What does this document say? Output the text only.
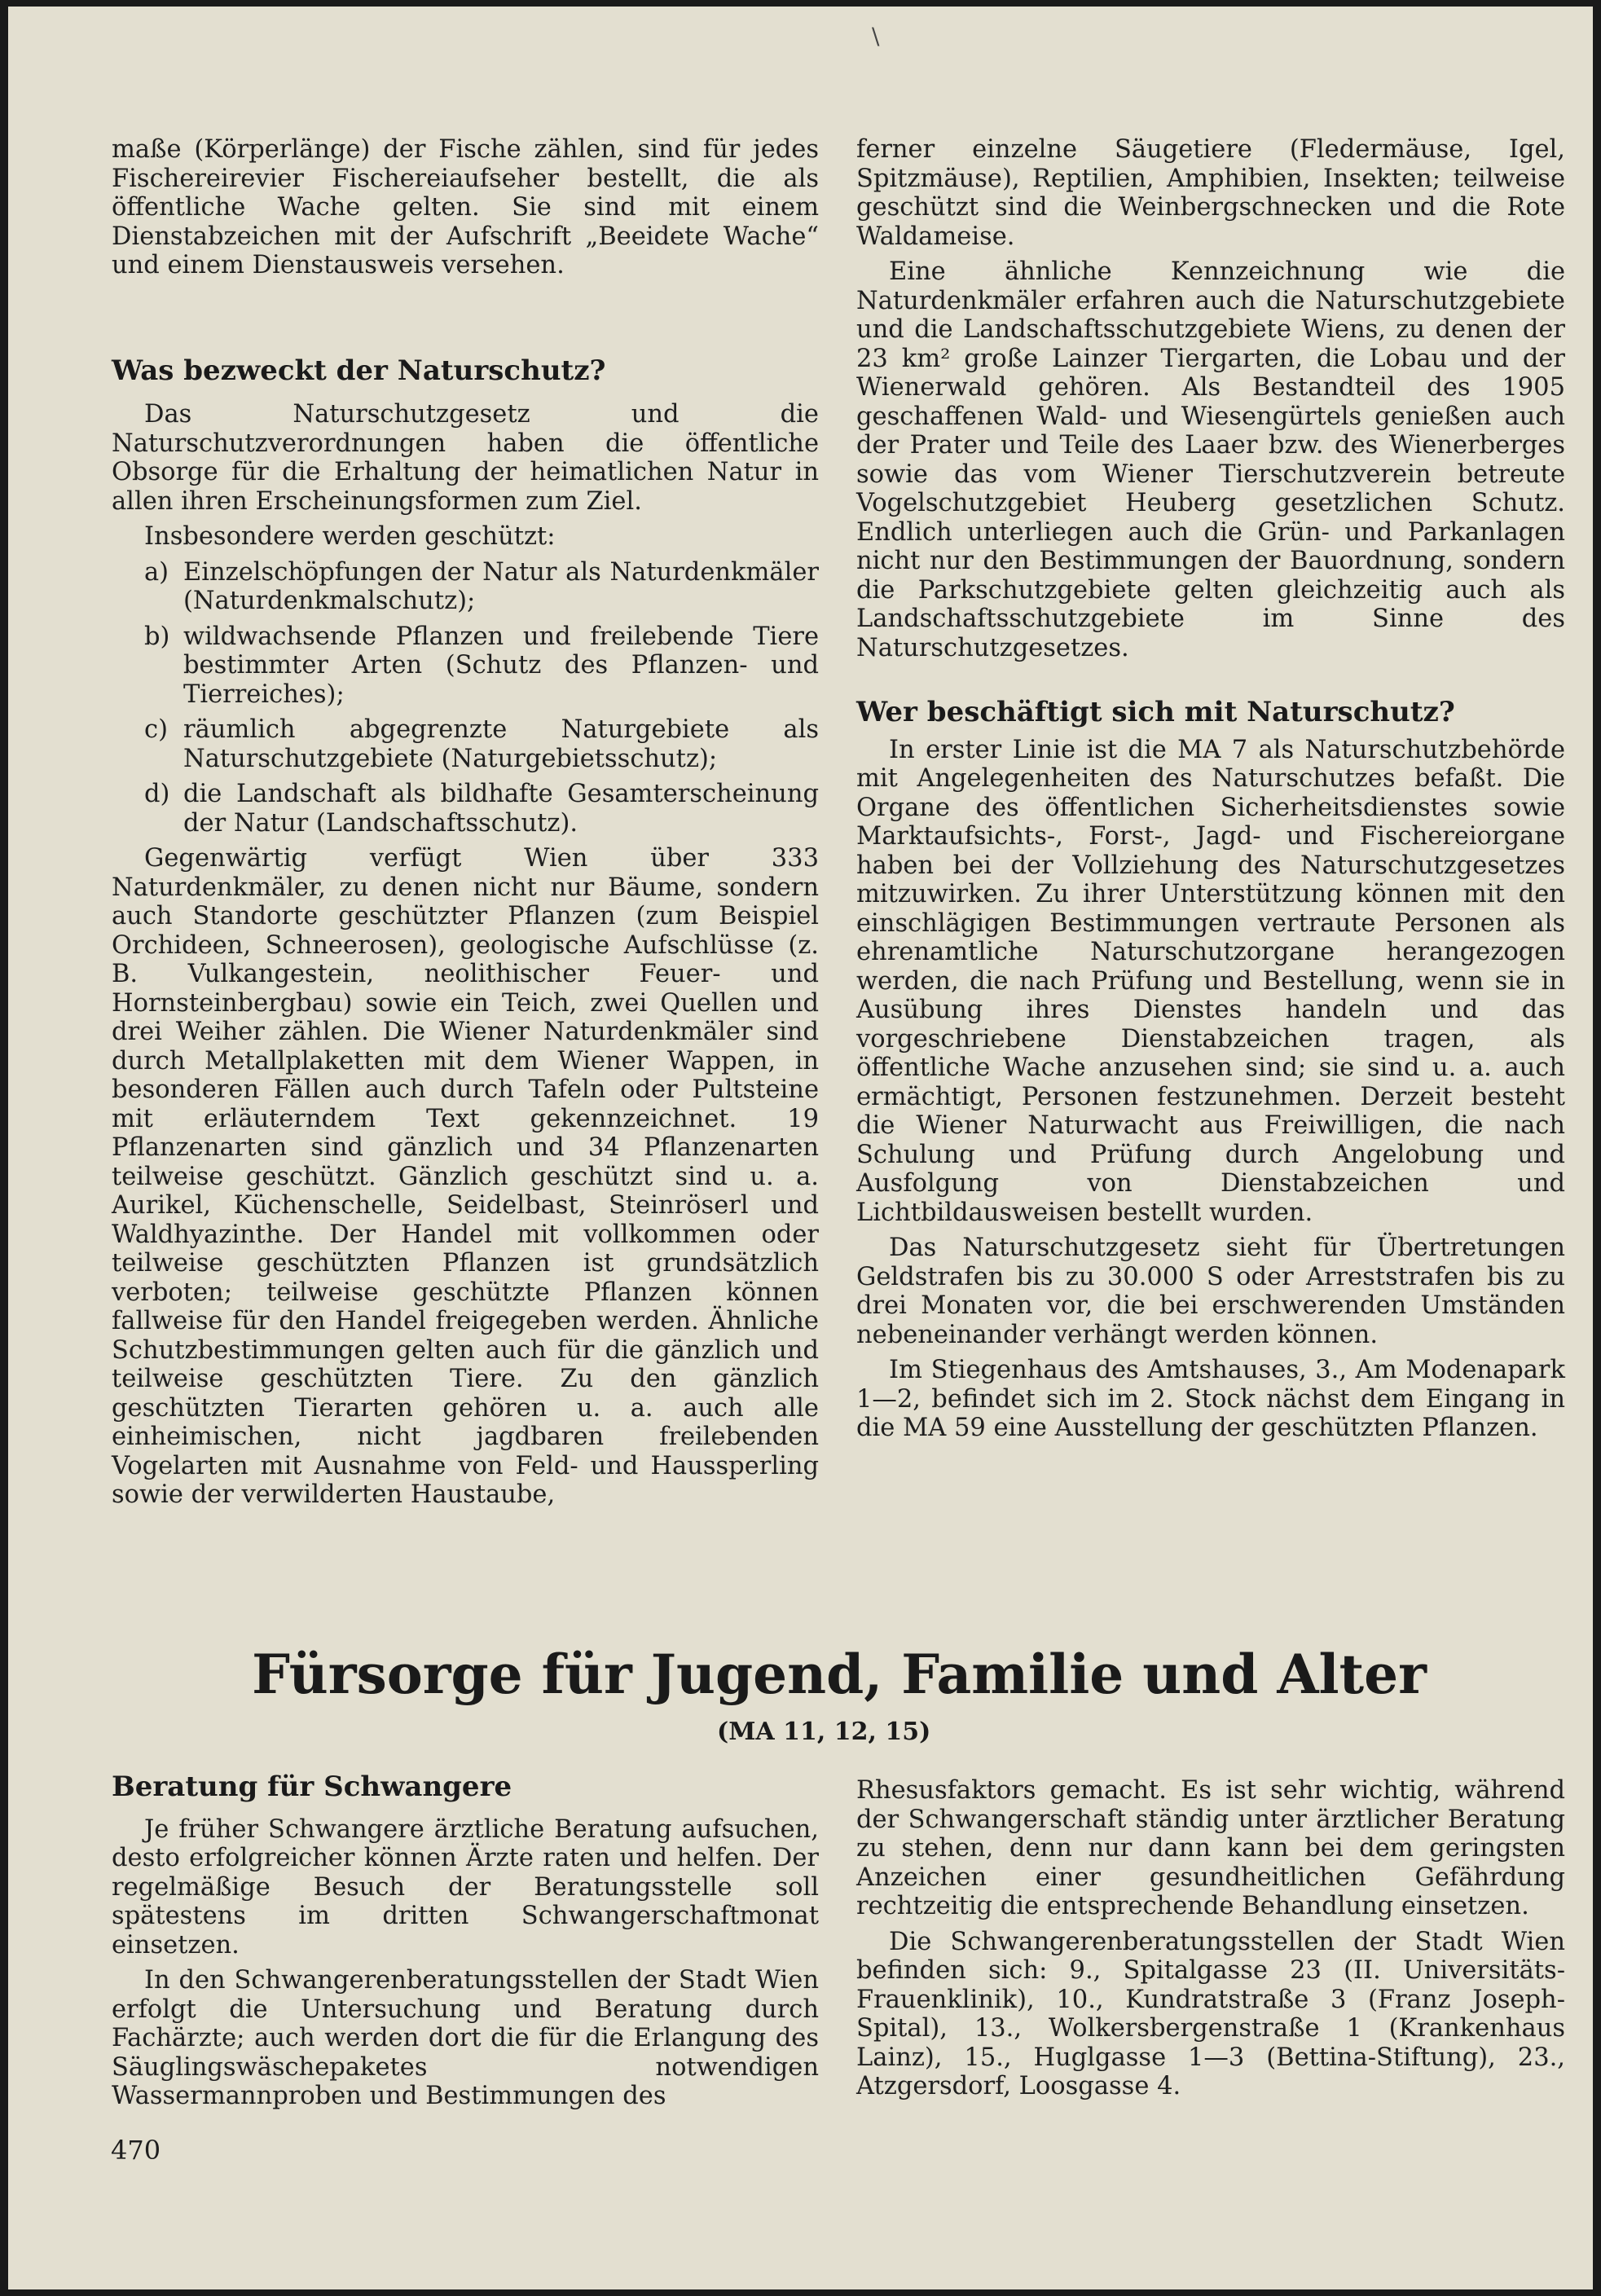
maße (Körperlänge) der Fische zählen, sind für jedes Fischereirevier Fischereiaufseher bestellt, die als öffentliche Wache gelten. Sie sind mit einem Dienstabzeichen mit der Aufschrift „Beeidete Wache“ und einem Dienstausweis versehen.

Was bezweckt der Naturschutz?

Das Naturschutzgesetz und die Naturschutzverordnungen haben die öffentliche Obsorge für die Erhaltung der heimatlichen Natur in allen ihren Erscheinungsformen zum Ziel.

Insbesondere werden geschützt:

a) Einzelschöpfungen der Natur als Naturdenkmäler (Naturdenkmalschutz);
b) wildwachsende Pflanzen und freilebende Tiere bestimmter Arten (Schutz des Pflanzen- und Tierreiches);
c) räumlich abgegrenzte Naturgebiete als Naturschutzgebiete (Naturgebietsschutz);
d) die Landschaft als bildhafte Gesamterscheinung der Natur (Landschaftsschutz).

Gegenwärtig verfügt Wien über 333 Naturdenkmäler, zu denen nicht nur Bäume, sondern auch Standorte geschützter Pflanzen (zum Beispiel Orchideen, Schneerosen), geologische Aufschlüsse (z. B. Vulkangestein, neolithischer Feuer- und Hornsteinbergbau) sowie ein Teich, zwei Quellen und drei Weiher zählen. Die Wiener Naturdenkmäler sind durch Metallplaketten mit dem Wiener Wappen, in besonderen Fällen auch durch Tafeln oder Pultsteine mit erläuterndem Text gekennzeichnet. 19 Pflanzenarten sind gänzlich und 34 Pflanzenarten teilweise geschützt. Gänzlich geschützt sind u. a. Aurikel, Küchenschelle, Seidelbast, Steinröserl und Waldhyazinthe. Der Handel mit vollkommen oder teilweise geschützten Pflanzen ist grundsätzlich verboten; teilweise geschützte Pflanzen können fallweise für den Handel freigegeben werden. Ähnliche Schutzbestimmungen gelten auch für die gänzlich und teilweise geschützten Tiere. Zu den gänzlich geschützten Tierarten gehören u. a. auch alle einheimischen, nicht jagdbaren freilebenden Vogelarten mit Ausnahme von Feld- und Haussperling sowie der verwilderten Haustaube,

ferner einzelne Säugetiere (Fledermäuse, Igel, Spitzmäuse), Reptilien, Amphibien, Insekten; teilweise geschützt sind die Weinbergschnecken und die Rote Waldameise.

Eine ähnliche Kennzeichnung wie die Naturdenkmäler erfahren auch die Naturschutzgebiete und die Landschaftsschutzgebiete Wiens, zu denen der 23 km² große Lainzer Tiergarten, die Lobau und der Wienerwald gehören. Als Bestandteil des 1905 geschaffenen Wald- und Wiesengürtels genießen auch der Prater und Teile des Laaer bzw. des Wienerberges sowie das vom Wiener Tierschutzverein betreute Vogelschutzgebiet Heuberg gesetzlichen Schutz. Endlich unterliegen auch die Grün- und Parkanlagen nicht nur den Bestimmungen der Bauordnung, sondern die Parkschutzgebiete gelten gleichzeitig auch als Landschaftsschutzgebiete im Sinne des Naturschutzgesetzes.

Wer beschäftigt sich mit Naturschutz?

In erster Linie ist die MA 7 als Naturschutzbehörde mit Angelegenheiten des Naturschutzes befaßt. Die Organe des öffentlichen Sicherheitsdienstes sowie Marktaufsichts-, Forst-, Jagd- und Fischereiorgane haben bei der Vollziehung des Naturschutzgesetzes mitzuwirken. Zu ihrer Unterstützung können mit den einschlägigen Bestimmungen vertraute Personen als ehrenamtliche Naturschutzorgane herangezogen werden, die nach Prüfung und Bestellung, wenn sie in Ausübung ihres Dienstes handeln und das vorgeschriebene Dienstabzeichen tragen, als öffentliche Wache anzusehen sind; sie sind u. a. auch ermächtigt, Personen festzunehmen. Derzeit besteht die Wiener Naturwacht aus Freiwilligen, die nach Schulung und Prüfung durch Angelobung und Ausfolgung von Dienstabzeichen und Lichtbildausweisen bestellt wurden.

Das Naturschutzgesetz sieht für Übertretungen Geldstrafen bis zu 30.000 S oder Arreststrafen bis zu drei Monaten vor, die bei erschwerenden Umständen nebeneinander verhängt werden können.

Im Stiegenhaus des Amtshauses, 3., Am Modenapark 1—2, befindet sich im 2. Stock nächst dem Eingang in die MA 59 eine Ausstellung der geschützten Pflanzen.

Fürsorge für Jugend, Familie und Alter
(MA 11, 12, 15)
Beratung für Schwangere

Je früher Schwangere ärztliche Beratung aufsuchen, desto erfolgreicher können Ärzte raten und helfen. Der regelmäßige Besuch der Beratungsstelle soll spätestens im dritten Schwangerschaftmonat einsetzen.

In den Schwangerenberatungsstellen der Stadt Wien erfolgt die Untersuchung und Beratung durch Fachärzte; auch werden dort die für die Erlangung des Säuglingswäschepaketes notwendigen Wassermannproben und Bestimmungen des

Rhesusfaktors gemacht. Es ist sehr wichtig, während der Schwangerschaft ständig unter ärztlicher Beratung zu stehen, denn nur dann kann bei dem geringsten Anzeichen einer gesundheitlichen Gefährdung rechtzeitig die entsprechende Behandlung einsetzen.

Die Schwangerenberatungsstellen der Stadt Wien befinden sich: 9., Spitalgasse 23 (II. Universitäts-Frauenklinik), 10., Kundratstraße 3 (Franz Joseph-Spital), 13., Wolkersbergenstraße 1 (Krankenhaus Lainz), 15., Huglgasse 1—3 (Bettina-Stiftung), 23., Atzgersdorf, Loosgasse 4.

470
\
